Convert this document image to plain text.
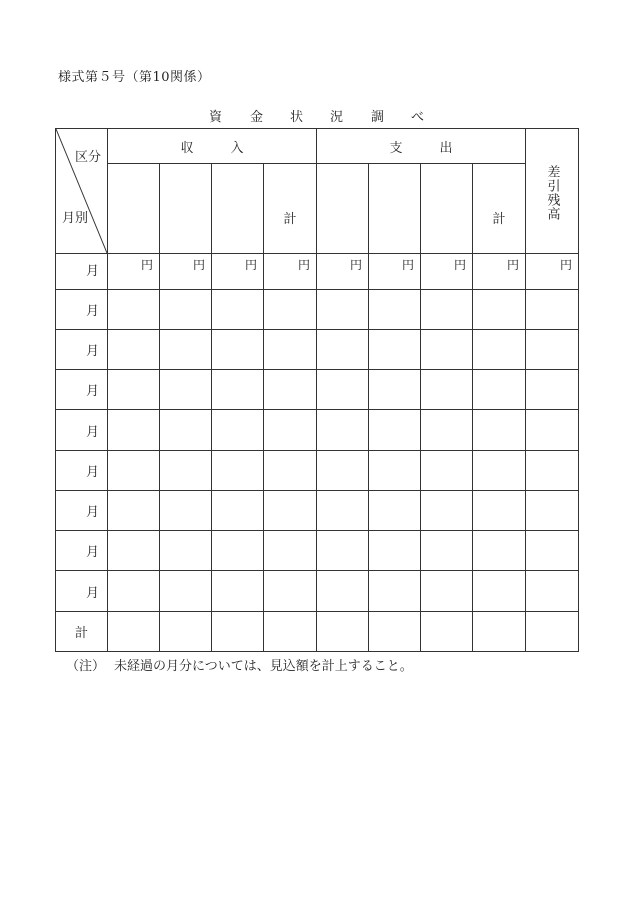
様式第５号（第10関係）
資 金 状 況 調 べ
区分
月別	収　入				支　出				差引残高
				計				計	
月	円	円	円	円	円	円	円	円	円
月									
月									
月									
月									
月									
月									
月									
月									
計									
（注） 未経過の月分については、見込額を計上すること。
